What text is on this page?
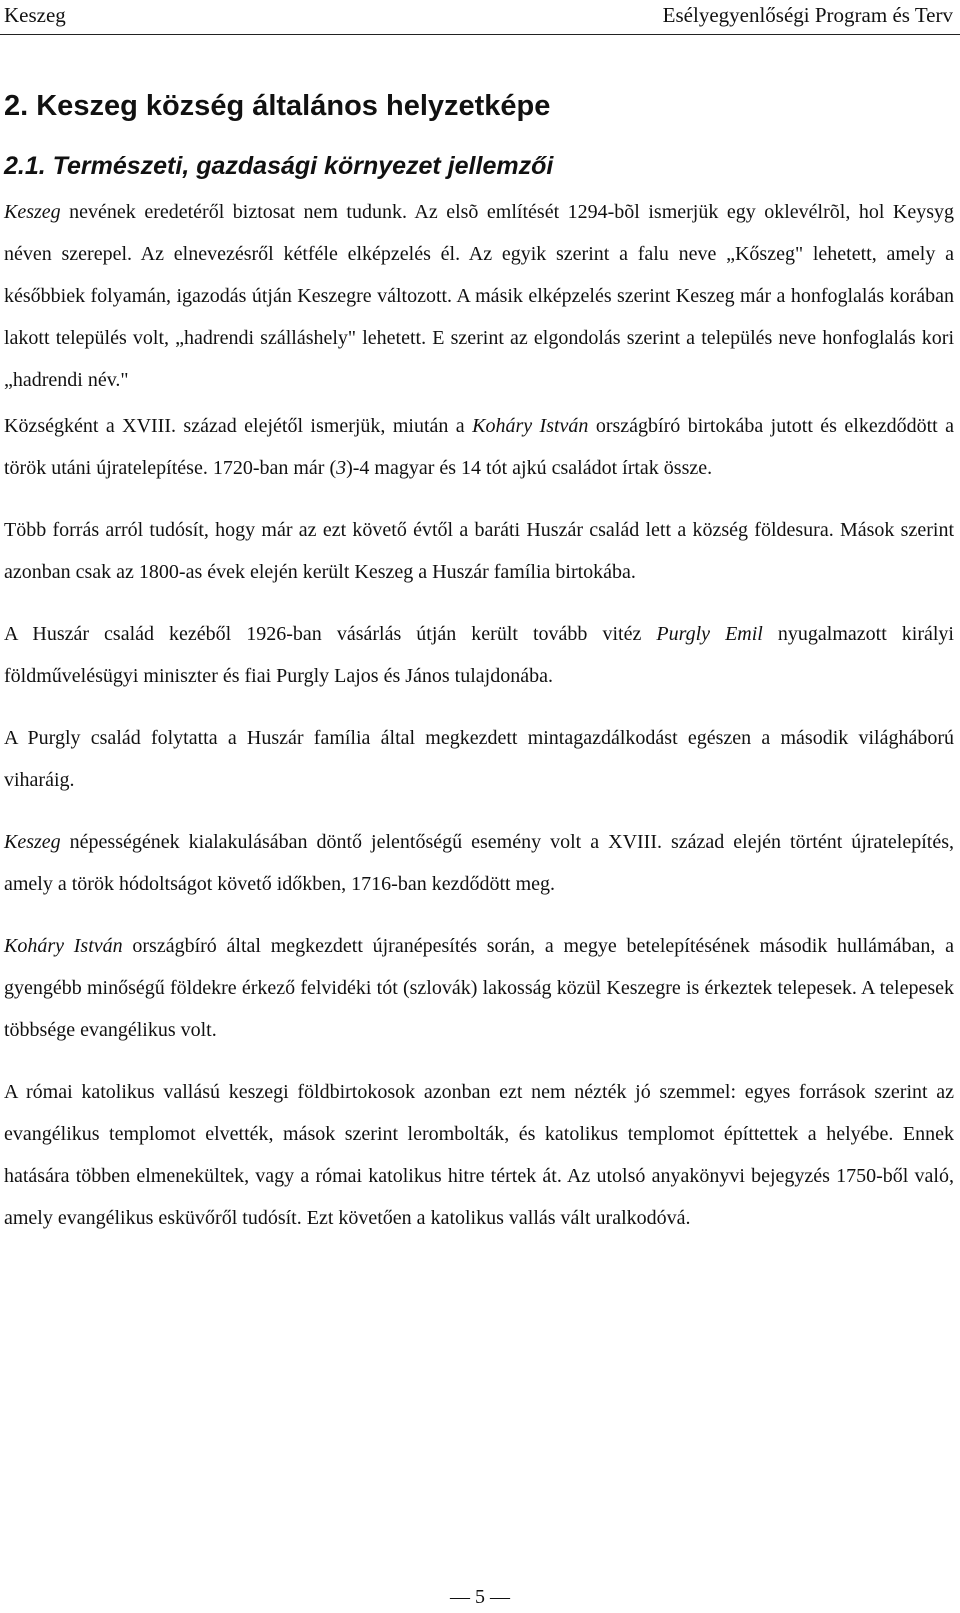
Keszeg	Esélyegyenlőségi Program és Terv
2. Keszeg község általános helyzetképe
2.1. Természeti, gazdasági környezet jellemzői

Keszeg nevének eredetéről biztosat nem tudunk. Az elsõ említését 1294-bõl ismerjük egy oklevélrõl, hol Keysyg néven szerepel. Az elnevezésről kétféle elképzelés él. Az egyik szerint a falu neve „Kőszeg" lehetett, amely a későbbiek folyamán, igazodás útján Keszegre változott. A másik elképzelés szerint Keszeg már a honfoglalás korában lakott település volt, „hadrendi szálláshely" lehetett. E szerint az elgondolás szerint a település neve honfoglalás kori „hadrendi név."

Községként a XVIII. század elejétől ismerjük, miután a Koháry István országbíró birtokába jutott és elkezdődött a török utáni újratelepítése. 1720-ban már (3)-4 magyar és 14 tót ajkú családot írtak össze.

Több forrás arról tudósít, hogy már az ezt követő évtől a baráti Huszár család lett a község földesura. Mások szerint azonban csak az 1800-as évek elején került Keszeg a Huszár família birtokába.

A Huszár család kezéből 1926-ban vásárlás útján került tovább vitéz Purgly Emil nyugalmazott királyi földművelésügyi miniszter és fiai Purgly Lajos és János tulajdonába.

A Purgly család folytatta a Huszár família által megkezdett mintagazdálkodást egészen a második világháború viharáig.

Keszeg népességének kialakulásában döntő jelentőségű esemény volt a XVIII. század elején történt újratelepítés, amely a török hódoltságot követő időkben, 1716-ban kezdődött meg.

Koháry István országbíró által megkezdett újranépesítés során, a megye betelepítésének második hullámában, a gyengébb minőségű földekre érkező felvidéki tót (szlovák) lakosság közül Keszegre is érkeztek telepesek. A telepesek többsége evangélikus volt.

A római katolikus vallású keszegi földbirtokosok azonban ezt nem nézték jó szemmel: egyes források szerint az evangélikus templomot elvették, mások szerint lerombolták, és katolikus templomot építtettek a helyébe. Ennek hatására többen elmenekültek, vagy a római katolikus hitre tértek át. Az utolsó anyakönyvi bejegyzés 1750-ből való, amely evangélikus esküvőről tudósít. Ezt követően a katolikus vallás vált uralkodóvá.

— 5 —
